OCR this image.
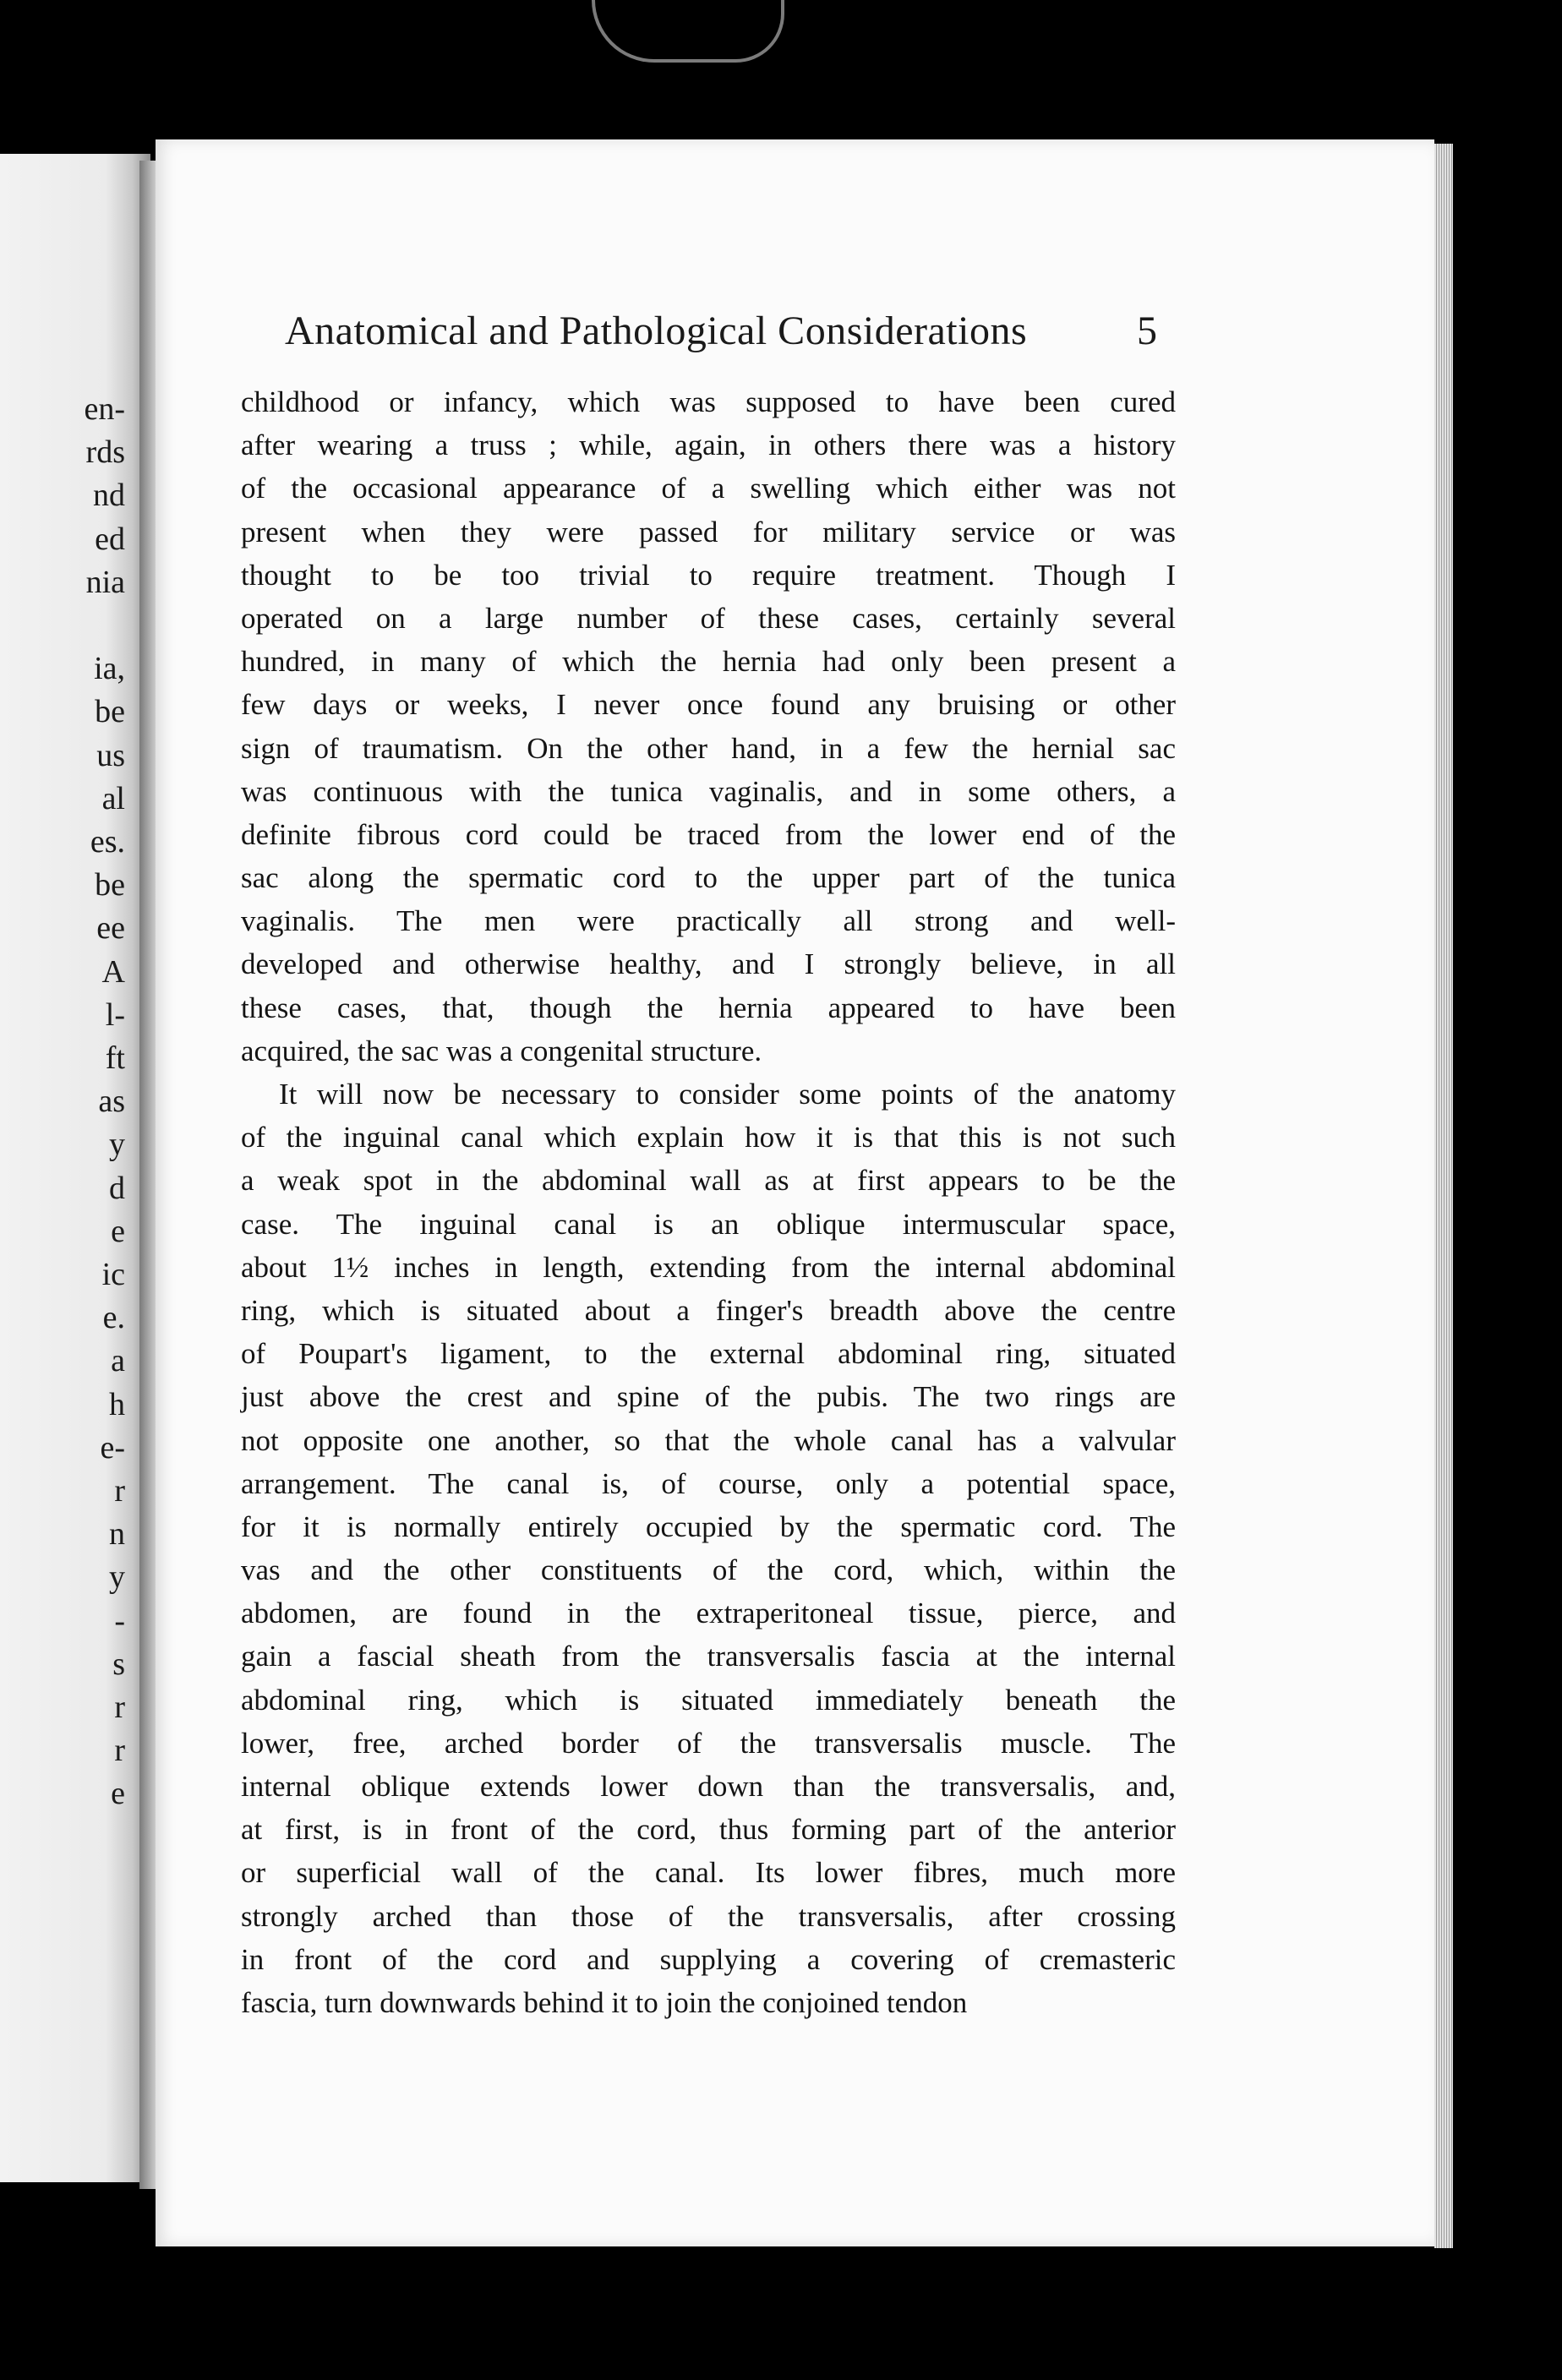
en-
rds
nd
ed
nia
ia,
be
us
al
es.
be
ee
A
l-
ft
as
y
d
e
ic
e.
a
h
e-
r
n
y
-
s
r
r
e
Anatomical and Pathological Considerations	5
childhood or infancy, which was supposed to have been cured
after wearing a truss ; while, again, in others there was a history
of the occasional appearance of a swelling which either was not
present when they were passed for military service or was
thought to be too trivial to require treatment. Though I
operated on a large number of these cases, certainly several
hundred, in many of which the hernia had only been present a
few days or weeks, I never once found any bruising or other
sign of traumatism. On the other hand, in a few the hernial sac
was continuous with the tunica vaginalis, and in some others, a
definite fibrous cord could be traced from the lower end of the
sac along the spermatic cord to the upper part of the tunica
vaginalis. The men were practically all strong and well-
developed and otherwise healthy, and I strongly believe, in all
these cases, that, though the hernia appeared to have been
acquired, the sac was a congenital structure.
It will now be necessary to consider some points of the anatomy
of the inguinal canal which explain how it is that this is not such
a weak spot in the abdominal wall as at first appears to be the
case. The inguinal canal is an oblique intermuscular space,
about 1½ inches in length, extending from the internal abdominal
ring, which is situated about a finger's breadth above the centre
of Poupart's ligament, to the external abdominal ring, situated
just above the crest and spine of the pubis. The two rings are
not opposite one another, so that the whole canal has a valvular
arrangement. The canal is, of course, only a potential space,
for it is normally entirely occupied by the spermatic cord. The
vas and the other constituents of the cord, which, within the
abdomen, are found in the extraperitoneal tissue, pierce, and
gain a fascial sheath from the transversalis fascia at the internal
abdominal ring, which is situated immediately beneath the
lower, free, arched border of the transversalis muscle. The
internal oblique extends lower down than the transversalis, and,
at first, is in front of the cord, thus forming part of the anterior
or superficial wall of the canal. Its lower fibres, much more
strongly arched than those of the transversalis, after crossing
in front of the cord and supplying a covering of cremasteric
fascia, turn downwards behind it to join the conjoined tendon
